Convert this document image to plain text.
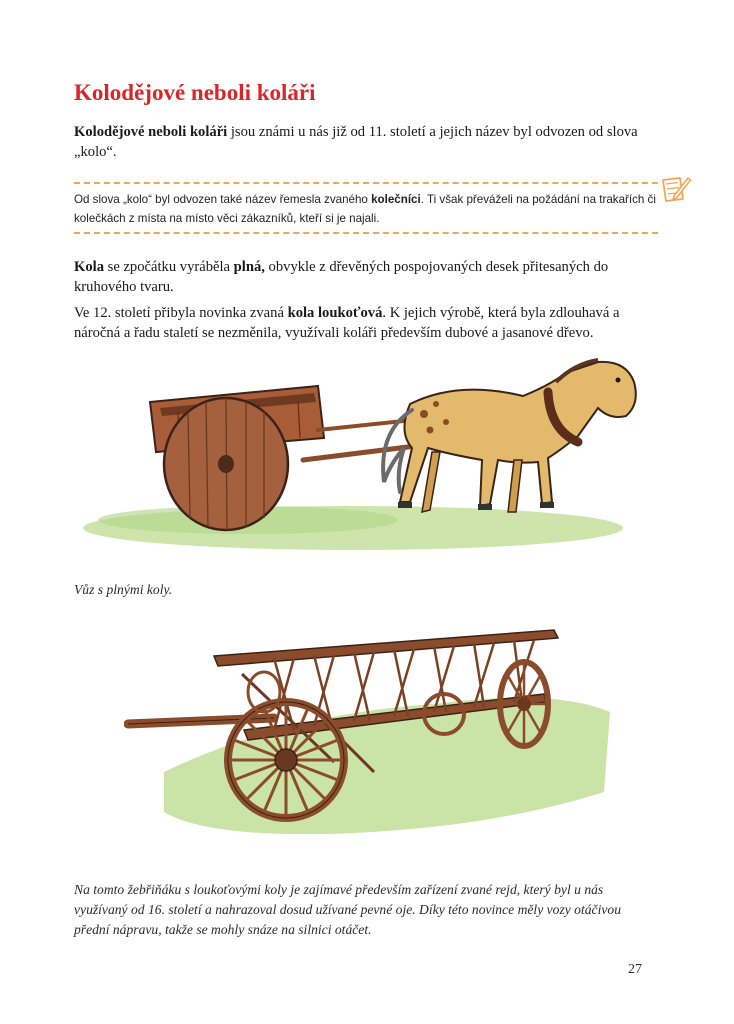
Kolodějové neboli koláři

Kolodějové neboli koláři jsou známi u nás již od 11. století a jejich název byl odvozen od slova „kolo“.

Od slova „kolo“ byl odvozen také název řemesla zvaného kolečníci. Ti však převáželi na požádání na trakařích či kolečkách z místa na místo věci zákazníků, kteří si je najali.

Kola se zpočátku vyráběla plná, obvykle z dřevěných pospojovaných desek přitesaných do kruhového tvaru.

Ve 12. století přibyla novinka zvaná kola loukoťová. K jejich výrobě, která byla zdlouhavá a náročná a řadu staletí se nezměnila, využívali koláři především dubové a jasanové dřevo.

Vůz s plnými koly.

Na tomto žebřiňáku s loukoťovými koly je zajímavé především zařízení zvané rejd, který byl u nás využívaný od 16. století a nahrazoval dosud užívané pevné oje. Díky této novince měly vozy otáčivou přední nápravu, takže se mohly snáze na silnici otáčet.

27
